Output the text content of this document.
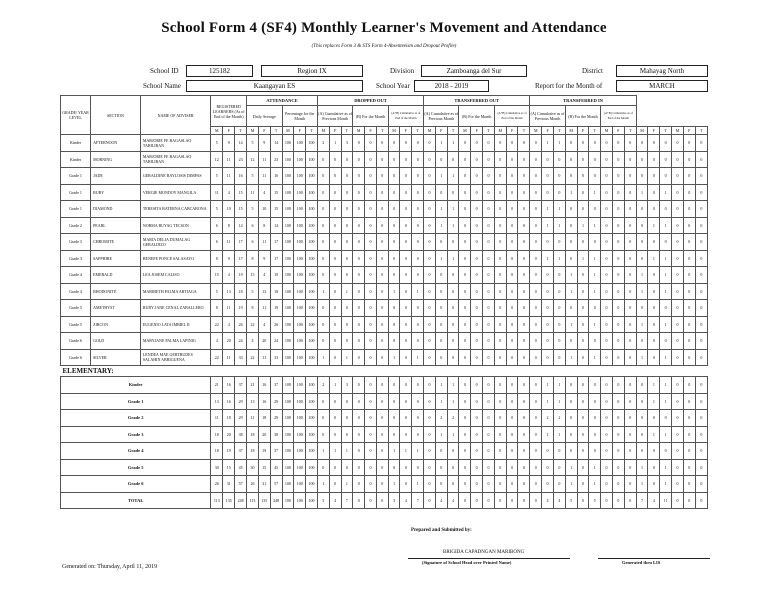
School Form 4 (SF4) Monthly Learner's Movement and Attendance
(This replaces Form 3 & STS Form 4-Absenteeism and Dropout Profile)
School ID	125182	Region IX	Division	Zamboanga del Sur	District	Mahayag North
School Name	Kaangayan ES	School Year	2018 - 2019	Report for the Month of	MARCH
GRADE/ YEAR LEVEL	SECTION	NAME OF ADVISER	REGISTERED LEARNERS (As of End of the Month)			ATTENDANCE						DROPPED OUT									TRANSFERRED OUT									TRANSFERRED IN														
						Daily Average			Percentage for the Month			(A) Cumulative as of Previous Month			(B) For the Month			(A+B) Cumulative as of End of the Month			(A) Cumulative as of Previous Month			(B) For the Month			(A+B) Cumulative as of End of the Month			(A) Cumulative as of Previous Month			(B) For the Month			(A+B) Cumulative as of End of the Month								
			M	F	T	M	F	T	M	F	T	M	F	T	M	F	T	M	F	T	M	F	T	M	F	T	M	F	T	M	F	T	M	F	T	M	F	T	M	F	T	M	F	T
Kinder	AFTERNOON	MARJORIE FE BAGASLAO TABILIRAN	5	9	14	5	9	14	100	100	100	2	1	3	0	0	0	0	0	0	0	1	1	0	0	0	0	0	0	0	1	1	0	0	0	0	0	0	0	0	0	0	0	0
Kinder	MORNING	MARJORIE FE BAGASLAO TABILIRAN	12	11	23	12	11	23	100	100	100	0	0	0	0	0	0	0	0	0	0	0	0	0	0	0	0	0	0	0	0	0	0	0	0	0	0	0	0	0	0	0	0	0
Grade 1	JADE	GERALDINE BAYLOSIS DIMPAS	5	11	16	5	11	16	100	100	100	0	0	0	0	0	0	0	0	0	0	1	1	0	0	0	0	0	0	0	0	0	0	0	0	0	0	0	0	0	0	0	0	0
Grade 1	RUBY	VERGIE MONDOY MANGILA	11	4	15	11	4	15	100	100	100	0	0	0	0	0	0	0	0	0	0	0	0	0	0	0	0	0	0	0	0	0	1	0	1	0	0	0	1	0	1	0	0	0
Grade 1	DIAMOND	TERESITA BATERNA CABCABONA	5	10	15	5	10	15	100	100	100	0	0	0	0	0	0	0	0	0	0	1	1	0	0	0	0	0	0	0	1	1	0	0	0	0	0	0	0	0	0	0	0	0
Grade 2	PEARL	NORMA BUYAG TECSON	6	8	14	6	8	14	100	100	100	0	0	0	0	0	0	0	0	0	0	1	1	0	0	0	0	0	0	0	1	1	0	1	1	0	0	0	0	1	1	0	0	0
Grade 3	CHROMITE	MARIA DELIA DUMALAG GERALDIZO	6	11	17	6	11	17	100	100	100	0	0	0	0	0	0	0	0	0	0	0	0	0	0	0	0	0	0	0	0	0	0	0	0	0	0	0	0	0	0	0	0	0
Grade 3	SAPPHIRE	BENEFE PONCE SALASAYO	8	9	17	8	9	17	100	100	100	0	0	0	0	0	0	0	0	0	0	1	1	0	0	0	0	0	0	0	1	1	0	1	1	0	0	0	0	1	1	0	0	0
Grade 4	EMERALD	LEA JOSEM CALISO	15	4	19	15	4	19	100	100	100	0	0	0	0	0	0	0	0	0	0	0	0	0	0	0	0	0	0	0	0	0	1	0	1	0	0	0	1	0	1	0	0	0
Grade 4	RHODONITE	MARIBETH PALMA ARTIAGA	5	13	18	5	13	18	100	100	100	1	0	1	0	0	0	1	0	1	0	0	0	0	0	0	0	0	0	0	0	0	1	0	1	0	0	0	1	0	1	0	0	0
Grade 5	AMETHYST	RUBY JANE CENAL ZABALLERO	8	11	19	8	11	19	100	100	100	0	0	0	0	0	0	0	0	0	0	0	0	0	0	0	0	0	0	0	0	0	0	0	0	0	0	0	0	0	0	0	0	0
Grade 5	ZIRCON	EUGENIO LATA IMBIEL II	22	4	26	22	4	26	100	100	100	0	0	0	0	0	0	0	0	0	0	0	0	0	0	0	0	0	0	0	0	0	1	0	1	0	0	0	1	0	1	0	0	0
Grade 6	GOLD	MARYJANE PALMA LAPINIG	4	20	24	4	20	24	100	100	100	0	0	0	0	0	0	0	0	0	0	0	0	0	0	0	0	0	0	0	0	0	0	0	0	0	0	0	0	0	0	0	0	0
Grade 6	SILVER	LENDEA MAE GERTRUDES SALAHIN ABRIGUENA	22	11	33	22	11	33	100	100	100	1	0	1	0	0	0	1	0	1	0	0	0	0	0	0	0	0	0	0	0	0	1	0	1	0	0	0	1	0	1	0	0	0
ELEMENTARY:																																												
Kinder			21	16	37	21	16	37	100	100	100	2	1	3	0	0	0	0	0	0	0	1	1	0	0	0	0	0	0	0	1	1	0	0	0	0	0	0	0	1	1	0	0	0
Grade 1			13	16	29	13	16	29	100	100	100	0	0	0	0	0	0	0	0	0	0	1	1	0	0	0	0	0	0	0	1	1	0	0	0	0	0	0	0	1	1	0	0	0
Grade 2			11	18	29	11	18	29	100	100	100	0	0	0	0	0	0	0	0	0	0	2	2	0	0	0	0	0	0	0	2	2	0	0	0	0	0	0	0	0	0	0	0	0
Grade 3			18	20	38	18	20	38	100	100	100	0	0	0	0	0	0	0	0	0	0	1	1	0	0	0	0	0	0	0	1	1	0	0	0	0	0	0	0	1	1	0	0	0
Grade 4			18	19	37	18	19	37	100	100	100	1	1	1	0	0	0	1	1	1	0	0	0	0	0	0	0	0	0	0	0	0	0	0	0	0	0	0	0	0	0	0	0	0
Grade 5			30	15	45	30	15	45	100	100	100	0	0	0	0	0	0	0	0	0	0	0	0	0	0	0	0	0	0	0	0	0	1	0	1	0	0	0	1	0	1	0	0	0
Grade 6			26	31	57	26	31	57	100	100	100	1	0	1	0	0	0	1	0	1	0	0	0	0	0	0	0	0	0	0	0	0	1	0	1	0	0	0	1	0	1	0	0	0
TOTAL			113	135	248	113	135	248	100	100	100	3	4	7	0	0	0	3	4	7	0	4	4	0	0	0	0	0	0	0	4	4	5	0	5	0	0	0	7	4	11	0	0	0
Prepared and Submitted by:
BRIGIDA CAPADNGAN MARIBONG
(Signature of School Head over Printed Name)	Generated thru LIS
Generated on: Thursday, April 11, 2019
